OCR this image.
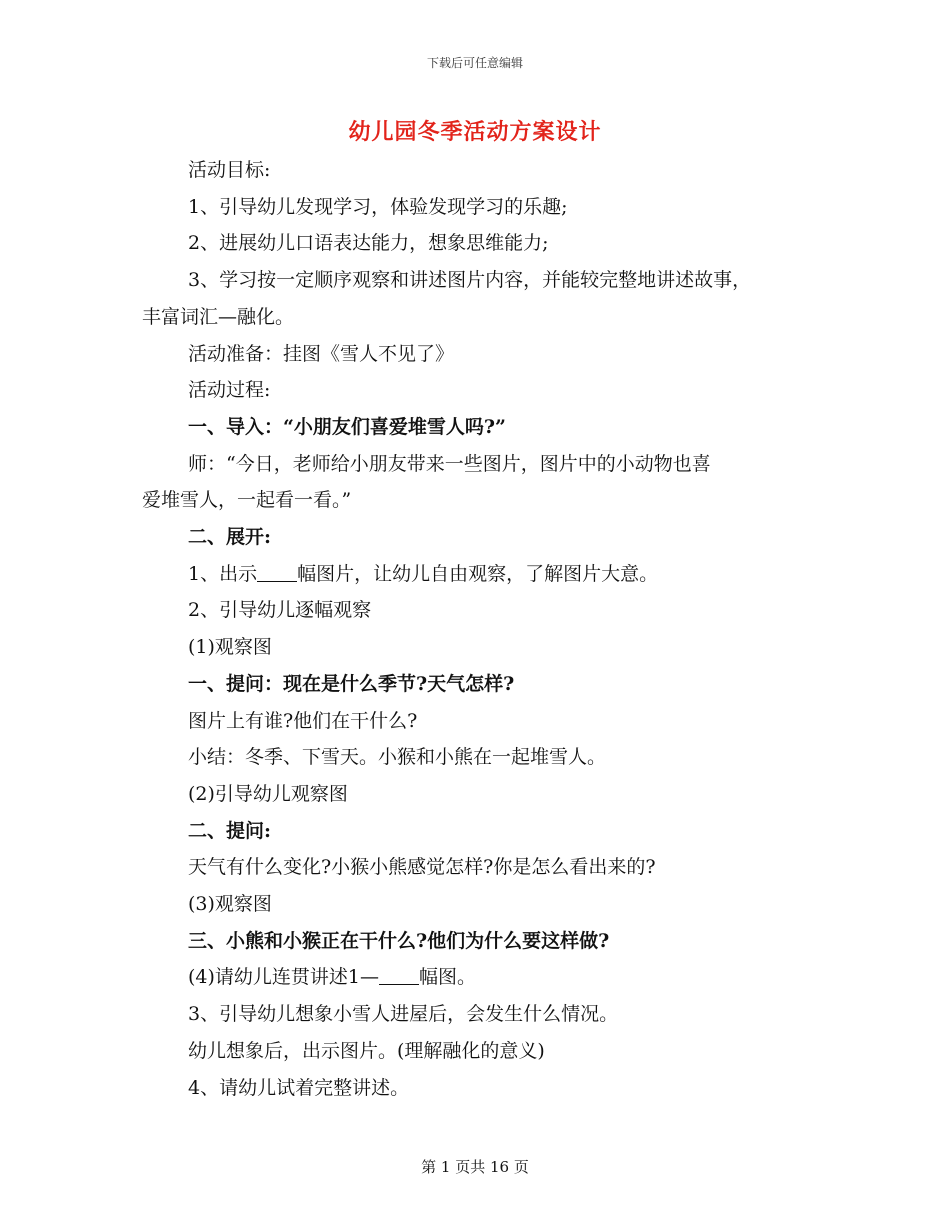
下载后可任意编辑
幼儿园冬季活动方案设计

活动目标:

1、引导幼儿发现学习，体验发现学习的乐趣;

2、进展幼儿口语表达能力，想象思维能力;

3、学习按一定顺序观察和讲述图片内容，并能较完整地讲述故事，

丰富词汇—融化。

活动准备：挂图《雪人不见了》

活动过程:

一、导入：“小朋友们喜爱堆雪人吗?”

师：“今日，老师给小朋友带来一些图片，图片中的小动物也喜

爱堆雪人，一起看一看。”

二、展开:

1、出示 幅图片，让幼儿自由观察，了解图片大意。

2、引导幼儿逐幅观察

(1)观察图

一、提问：现在是什么季节?天气怎样?

图片上有谁?他们在干什么?

小结：冬季、下雪天。小猴和小熊在一起堆雪人。

(2)引导幼儿观察图

二、提问:

天气有什么变化?小猴小熊感觉怎样?你是怎么看出来的?

(3)观察图

三、小熊和小猴正在干什么?他们为什么要这样做?

(4)请幼儿连贯讲述1— 幅图。

3、引导幼儿想象小雪人进屋后，会发生什么情况。

幼儿想象后，出示图片。(理解融化的意义)

4、请幼儿试着完整讲述。

第 1 页共 16 页
